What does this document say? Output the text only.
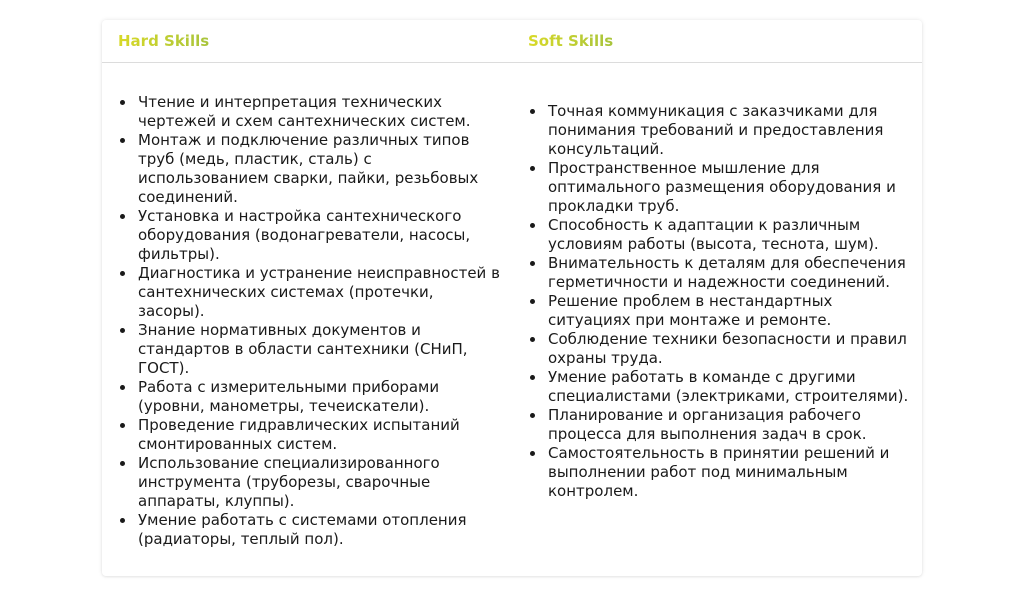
Hard Skills	Soft Skills
Чтение и интерпретация технических чертежей и схем сантехнических систем.
Монтаж и подключение различных типов труб (медь, пластик, сталь) с использованием сварки, пайки, резьбовых соединений.
Установка и настройка сантехнического оборудования (водонагреватели, насосы, фильтры).
Диагностика и устранение неисправностей в сантехнических системах (протечки, засоры).
Знание нормативных документов и стандартов в области сантехники (СНиП, ГОСТ).
Работа с измерительными приборами (уровни, манометры, течеискатели).
Проведение гидравлических испытаний смонтированных систем.
Использование специализированного инструмента (труборезы, сварочные аппараты, клуппы).
Умение работать с системами отопления (радиаторы, теплый пол).
Точная коммуникация с заказчиками для понимания требований и предоставления консультаций.
Пространственное мышление для оптимального размещения оборудования и прокладки труб.
Способность к адаптации к различным условиям работы (высота, теснота, шум).
Внимательность к деталям для обеспечения герметичности и надежности соединений.
Решение проблем в нестандартных ситуациях при монтаже и ремонте.
Соблюдение техники безопасности и правил охраны труда.
Умение работать в команде с другими специалистами (электриками, строителями).
Планирование и организация рабочего процесса для выполнения задач в срок.
Самостоятельность в принятии решений и выполнении работ под минимальным контролем.
